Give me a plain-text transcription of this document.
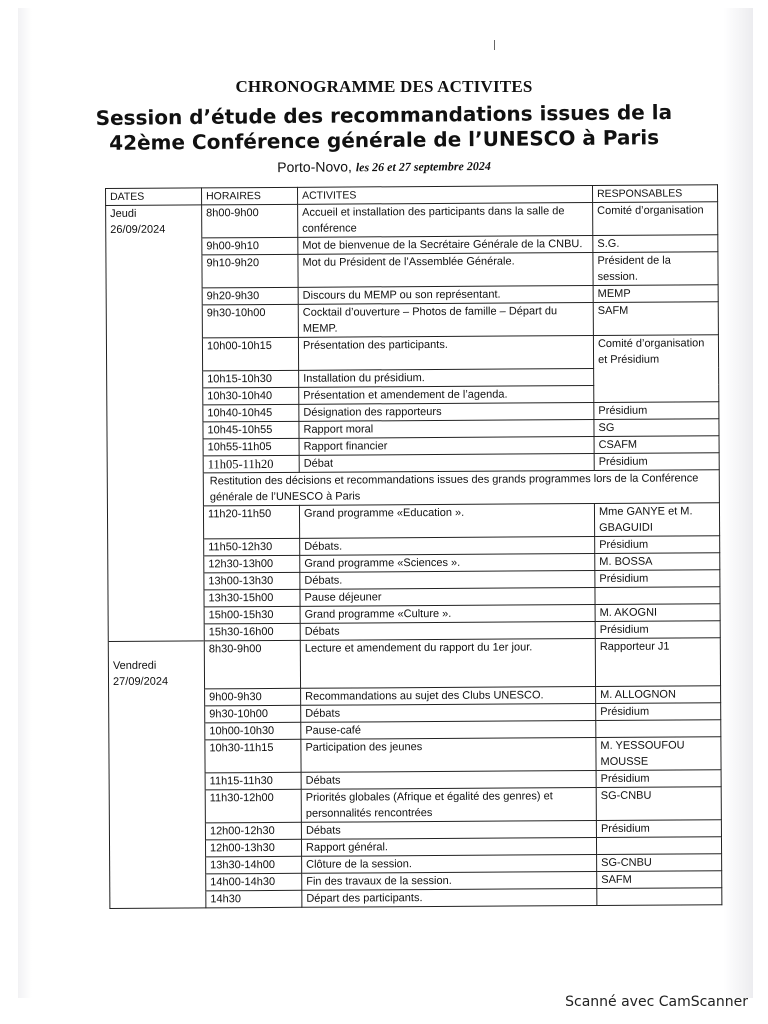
CHRONOGRAMME DES ACTIVITES
Session d’étude des recommandations issues de la
42ème Conférence générale de l’UNESCO à Paris
Porto-Novo, les 26 et 27 septembre 2024
DATES	HORAIRES	ACTIVITES	RESPONSABLES

Jeudi
26/09/2024	8h00-9h00	Accueil et installation des participants dans la salle de conférence	Comité d’organisation
	9h00-9h10	Mot de bienvenue de la Secrétaire Générale de la CNBU.	S.G.
	9h10-9h20	Mot du Président de l’Assemblée Générale.	Président de la session.
	9h20-9h30	Discours du MEMP ou son représentant.	MEMP
	9h30-10h00	Cocktail d’ouverture – Photos de famille – Départ du MEMP.	SAFM
	10h00-10h15	Présentation des participants.	Comité d’organisation et Présidium
	10h15-10h30	Installation du présidium.	
	10h30-10h40	Présentation et amendement de l’agenda.	
	10h40-10h45	Désignation des rapporteurs	Présidium
	10h45-10h55	Rapport moral	SG
	10h55-11h05	Rapport financier	CSAFM
	11h05-11h20	Débat	Présidium
	Restitution des décisions et recommandations issues des grands programmes lors de la Conférence générale de l’UNESCO à Paris		
	11h20-11h50	Grand programme «Education ».	Mme GANYE et M. GBAGUIDI
	11h50-12h30	Débats.	Présidium
	12h30-13h00	Grand programme «Sciences ».	M. BOSSA
	13h00-13h30	Débats.	Présidium
	13h30-15h00	Pause déjeuner	
	15h00-15h30	Grand programme «Culture ».	M. AKOGNI
	15h30-16h00	Débats	Présidium

Vendredi
27/09/2024	8h30-9h00	Lecture et amendement du rapport du 1er jour.	Rapporteur J1
	9h00-9h30	Recommandations au sujet des Clubs UNESCO.	M. ALLOGNON
	9h30-10h00	Débats	Présidium
	10h00-10h30	Pause-café	
	10h30-11h15	Participation des jeunes	M. YESSOUFOU MOUSSE
	11h15-11h30	Débats	Présidium
	11h30-12h00	Priorités globales (Afrique et égalité des genres) et personnalités rencontrées	SG-CNBU
	12h00-12h30	Débats	Présidium
	12h00-13h30	Rapport général.	
	13h30-14h00	Clôture de la session.	SG-CNBU
	14h00-14h30	Fin des travaux de la session.	SAFM
	14h30	Départ des participants.	
Scanné avec CamScanner
